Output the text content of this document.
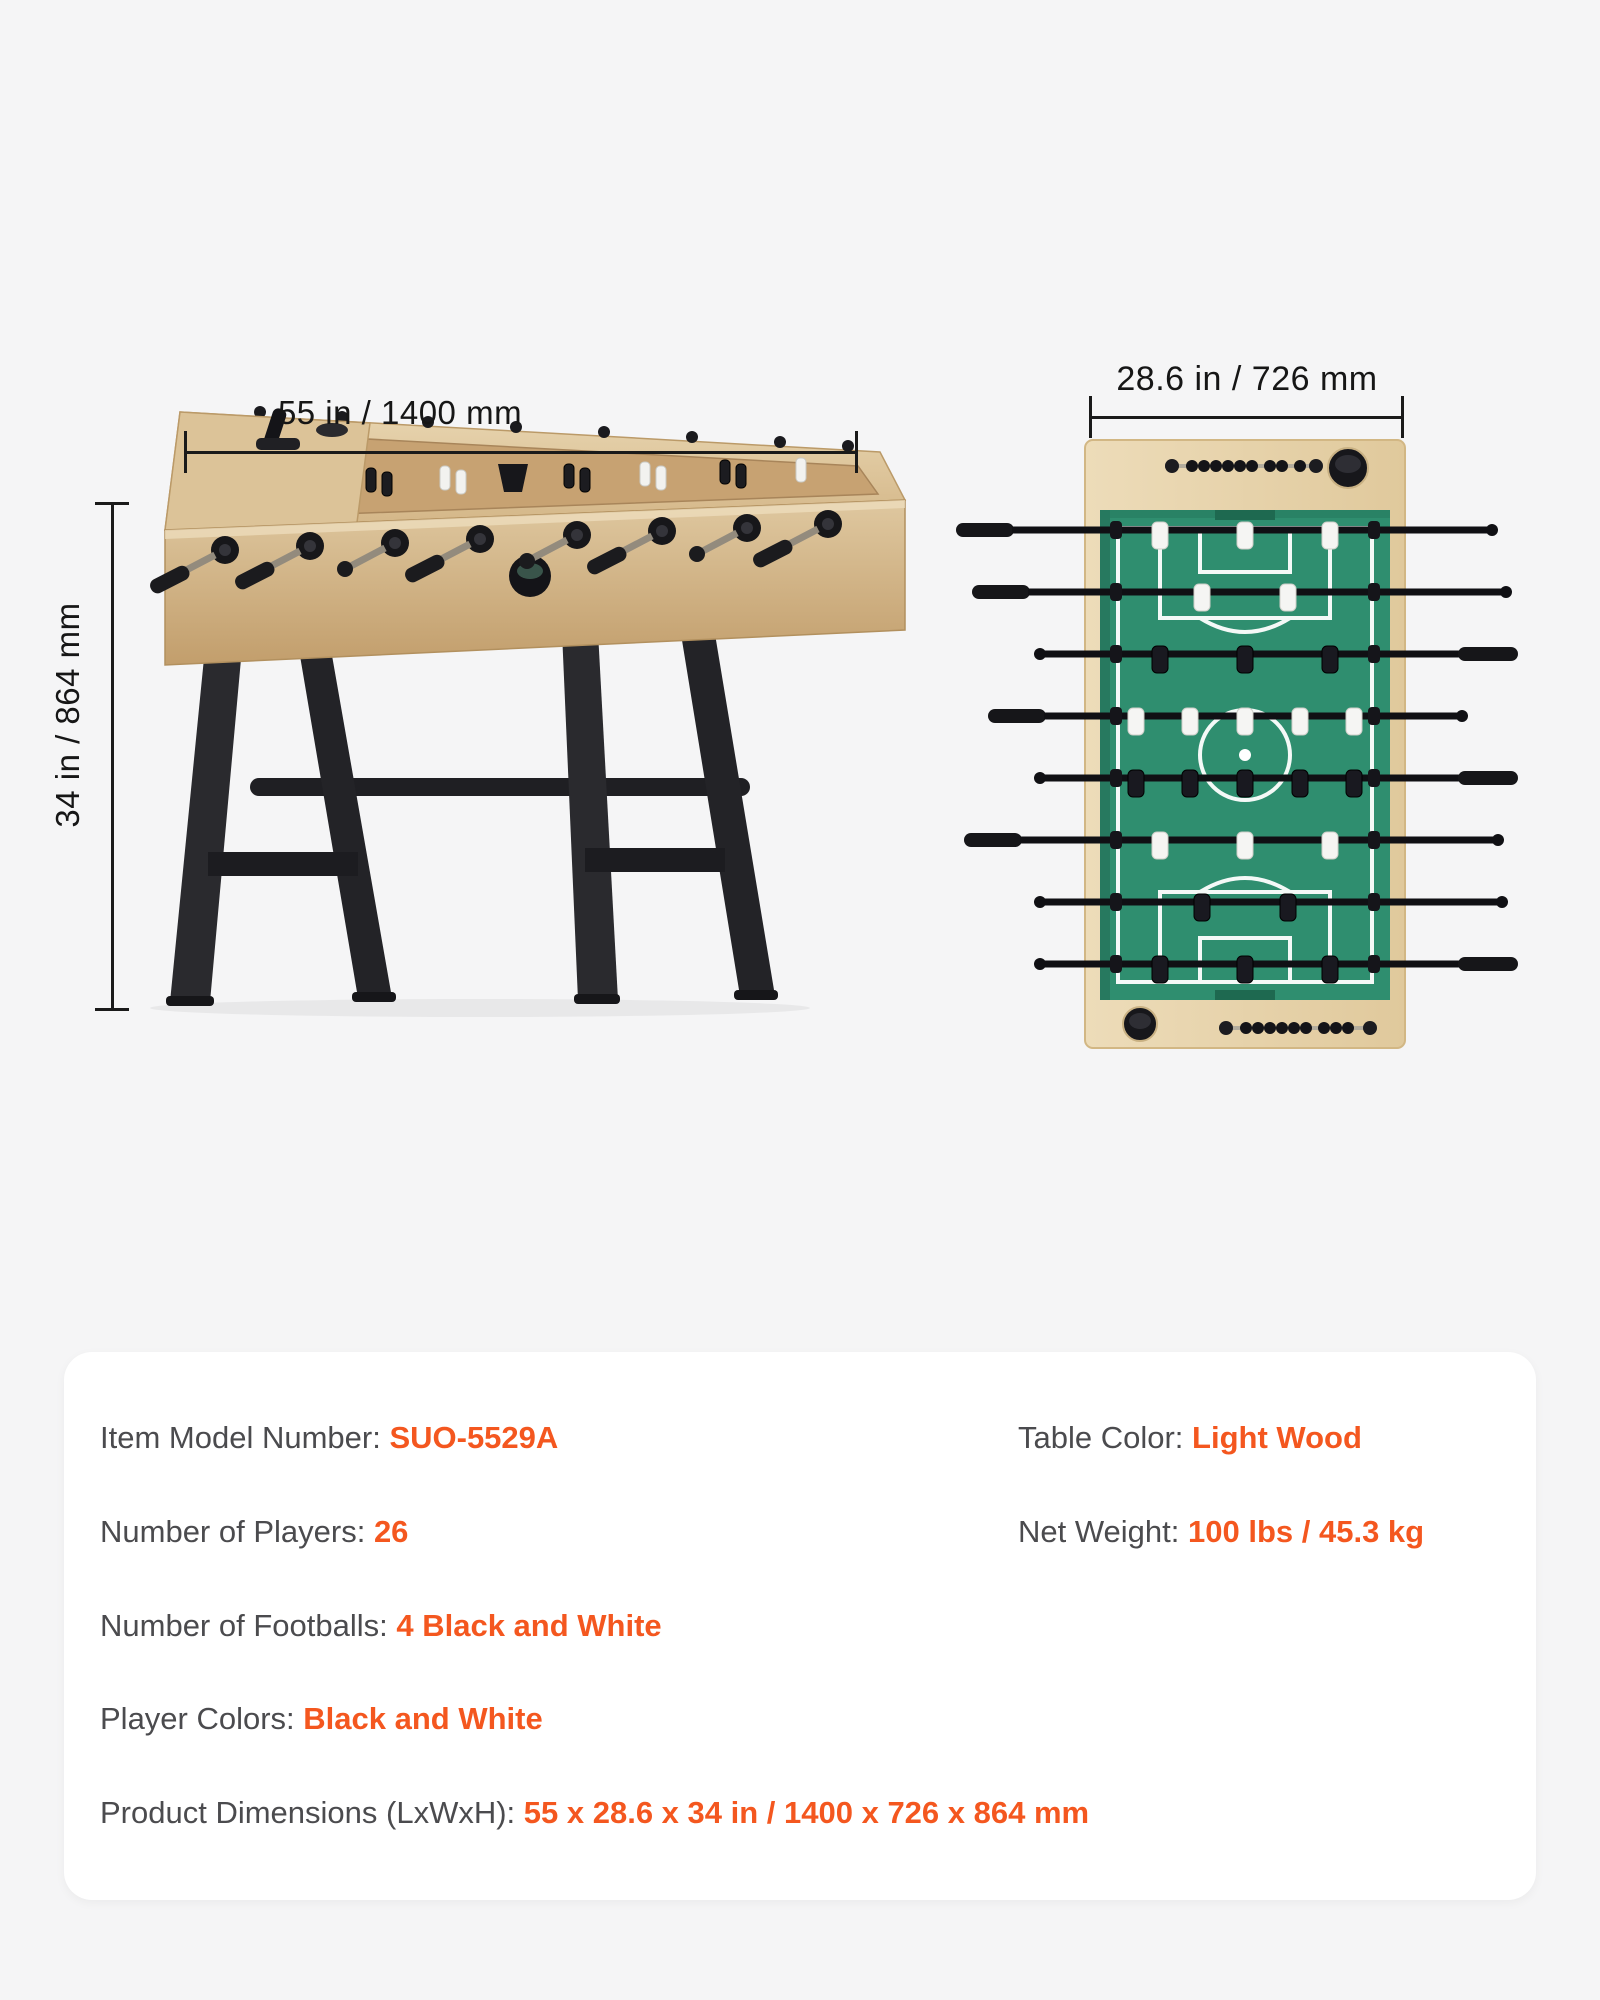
55 in / 1400 mm
34 in / 864 mm
28.6 in / 726 mm
Item Model Number: SUO-5529A	Table Color: Light Wood
Number of Players: 26	Net Weight: 100 lbs / 45.3 kg
Number of Footballs: 4 Black and White
Player Colors: Black and White
Product Dimensions (LxWxH): 55 x 28.6 x 34 in / 1400 x 726 x 864 mm
